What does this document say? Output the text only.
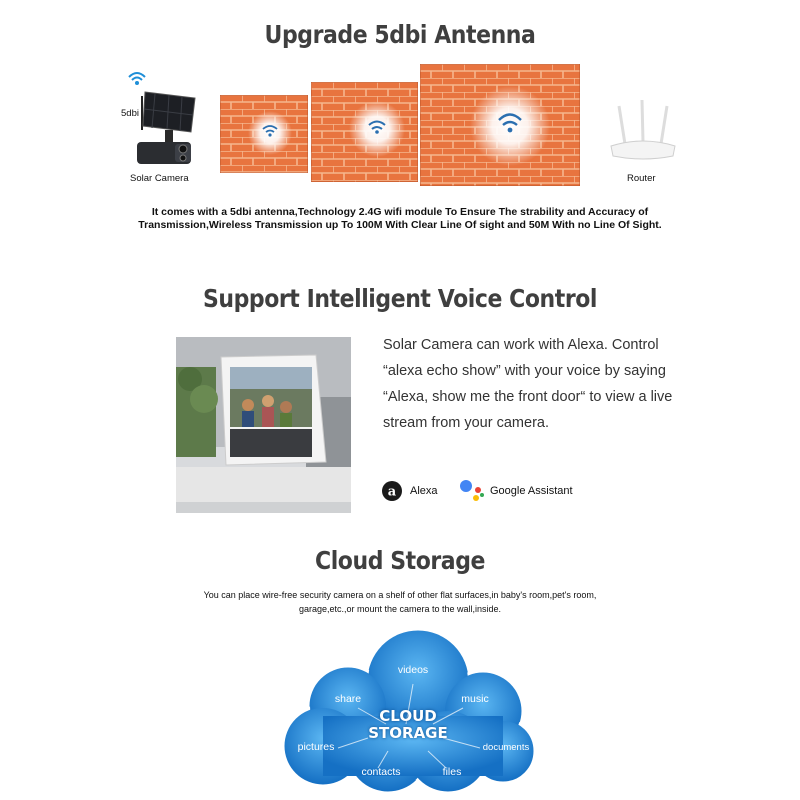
Upgrade 5dbi Antenna
5dbi
Solar Camera	Router
It comes with a 5dbi antenna,Technology 2.4G wifi module To Ensure The strability and Accuracy of Transmission,Wireless Transmission up To 100M With Clear Line Of sight and 50M With no Line Of Sight.
Support Intelligent Voice Control
Solar Camera can work with Alexa. Control “alexa echo show” with your voice by saying “Alexa, show me the front door“ to view a live stream from your camera.
a Alexa	Google Assistant
Cloud Storage
You can place wire-free security camera on a shelf of other flat surfaces,in baby's room,pet's room,
garage,etc.,or mount the camera to the wall,inside.
videos
share	music
pictures	documents
contacts	files
CLOUD
STORAGE
